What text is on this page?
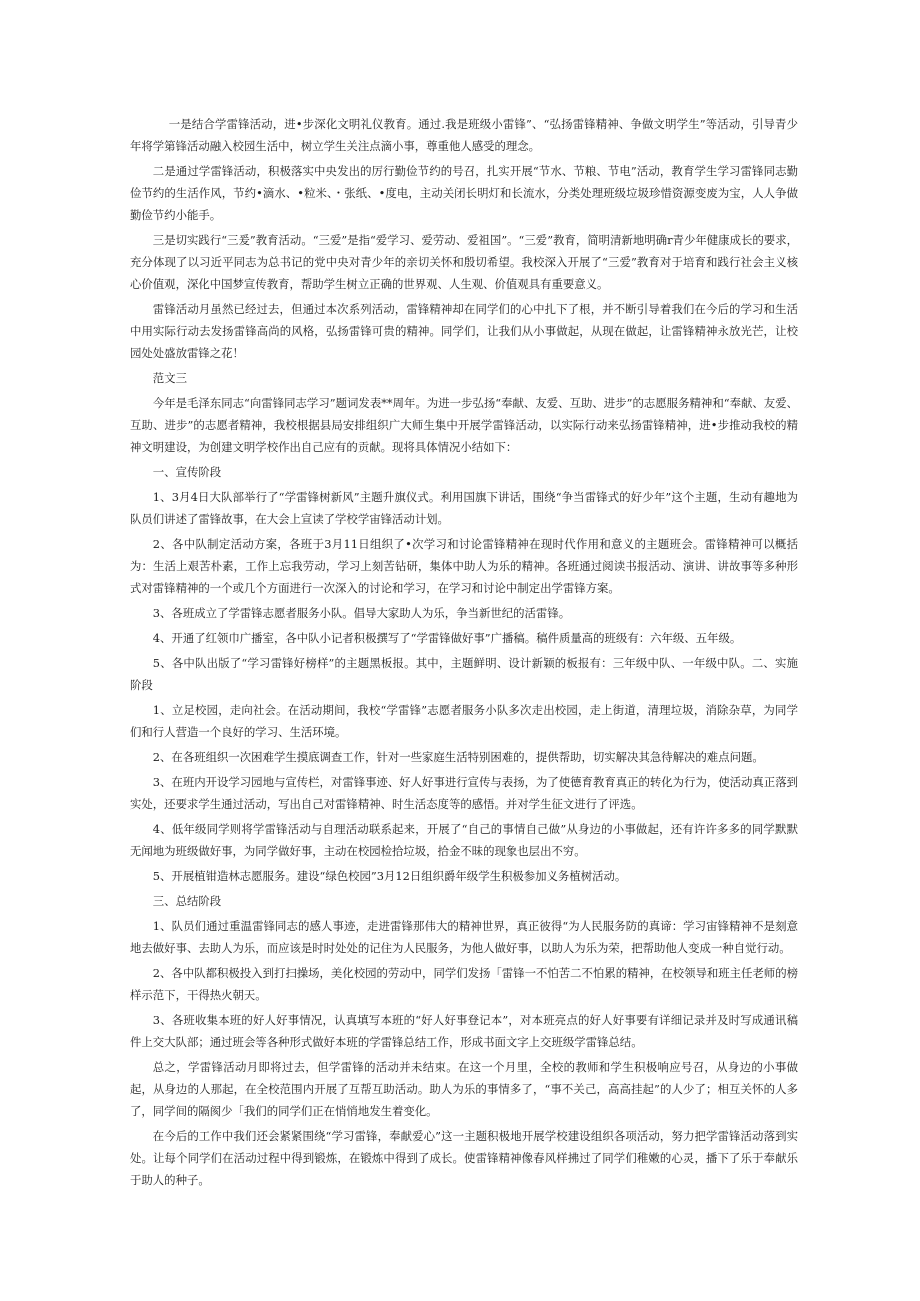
一是结合学雷锋活动，进•步深化文明礼仪教育。通过.我是班级小雷锋”、“弘扬雷锋精神、争做文明学生”等活动，引导青少年将学第锋活动融入校园生活中，树立学生关注点滴小事，尊重他人感受的理念。

二是通过学雷锋活动，积极落实中央发出的厉行勤俭节约的号召，扎实开展“节水、节粮、节电”活动，教育学生学习雷锋同志勤俭节约的生活作风，节约•滴水、•粒米、・张纸、•度电，主动关闭长明灯和长流水，分类处理班级垃圾珍惜资源变废为宝，人人争做勤俭节约小能手。

三是切实践行“三爰”教育活动。“三爱”是指“爱学习、爱劳动、爱祖国”。“三爱”教育，简明清新地明确r青少年健康成长的要求，充分体现了以习近平同志为总书记的党中央对青少年的亲切关怀和殷切希望。我校深入开展了“三爱”教育对于培育和践行社会主义核心价值观，深化中国梦宣传教育，帮助学生树立正确的世界观、人生观、价值观具有重要意义。

雷锋活动月虽然已经过去，但通过本次系列活动，雷锋精神却在同学们的心中扎下了根，并不断引导着我们在今后的学习和生活中用实际行动去发扬雷锋高尚的风格，弘扬雷锋可贵的精神。同学们，让我们从小事做起，从现在做起，让雷锋精神永放光芒，让校园处处盛放雷锋之花！

范文三

今年是毛泽东同志“向雷锋同志学习”题词发表**周年。为进一步弘扬“奉献、友爱、互助、进步”的志愿服务精神和“奉献、友爱、互助、进步”的志愿者精神，我校根据县局安排组织广大师生集中开展学雷锋活动，以实际行动来弘扬雷锋精神，进•步推动我校的精神文明建设，为创建文明学校作出自己应有的贡献。现将具体情况小结如下：

一、宣传阶段

1、3月4日大队部举行了“学雷锋树新风”主题升旗仪式。利用国旗下讲话，围绕“争当雷锋式的好少年”这个主题，生动有趣地为队员们讲述了雷锋故事，在大会上宣读了学校学宙锋活动计划。

2、各中队制定活动方案，各班于3月11日组织了•次学习和讨论雷锋精神在现时代作用和意义的主题班会。雷锋精神可以概括为：生活上艰苦朴素，工作上忘我劳动，学习上刻苦钻研，集体中助人为乐的精神。各班通过阅读书报活动、演讲、讲故事等多种形式对雷锋精神的一个或几个方面进行一次深入的讨论和学习，在学习和讨论中制定出学雷锋方案。

3、各班成立了学雷锋志愿者服务小队。倡导大家助人为乐，争当新世纪的活雷锋。

4、开通了红领巾广播室，各中队小记者积极撰写了“学雷锋做好事”广播稿。稿件质量高的班级有：六年级、五年级。

5、各中队出版了“学习雷锋好榜样”的主题黑板报。其中，主题鲜明、设计新颖的板报有：三年级中队、一年级中队。二、实施阶段

1、立足校园，走向社会。在活动期间，我校“学雷锋”志愿者服务小队多次走出校园，走上街道，清理垃圾，消除杂草，为同学们和行人营造一个良好的学习、生活环境。

2、在各班组织一次困难学生摸底调查工作，针对一些家庭生活特别困难的，提供帮助，切实解决其急待解决的难点问题。

3、在班内开设学习园地与宣传栏，对雷锋事迹、好人好事进行宣传与表扬，为了使德育教育真正的转化为行为，使活动真正落到实处，还要求学生通过活动，写出自己对雷锋精神、时生活态度等的感悟。并对学生征文进行了评选。

4、低年级同学则将学雷锋活动与自理活动联系起来，开展了“自己的事情自己做”从身边的小事做起，还有许许多多的同学默默无闻地为班级做好事，为同学做好事，主动在校园检拾垃圾，拾金不昧的现象也层出不穷。

5、开展植钳造林志愿服务。建设“绿色校园”3月12日组织爵年级学生积极参加义务植树活动。

三、总结阶段

1、队员们通过重温雷锋同志的感人事迹，走进雷锋那伟大的精神世界，真正彼得“为人民服务防的真谛：学习宙锋精神不是刻意地去做好事、去助人为乐，而应该是时时处处的记住为人民服务，为他人做好事，以助人为乐为荣，把帮助他人变成一种自觉行动。

2、各中队都积极投入到打扫操场，美化校园的劳动中，同学们发扬「雷锋一不怕苦二不怕累的精神，在校领导和班主任老师的榜样示范下，干得热火朝天。

3、各班收集本班的好人好事情况，认真填写本班的“好人好事登记本”，对本班亮点的好人好事要有详细记录并及时写成通讯稿件上交大队部；通过班会等各种形式做好本班的学雷锋总结工作，形成书面文字上交班级学雷锋总结。

总之，学雷锋活动月即将过去，但学雷锋的活动并未结束。在这一个月里，全校的教师和学生积极响应号召，从身边的小事做起，从身边的人那起，在全校范围内开展了互帮互助活动。助人为乐的事情多了，“事不关己，高高挂起”的人少了；相互关怀的人多了，同学间的隔阂少「我们的同学们正在悄悄地发生着变化。

在今后的工作中我们还会紧紧围绕“学习雷锋，奉献爱心”这一主题积极地开展学校建设组织各项活动，努力把学雷锋活动落到实处。让每个同学们在活动过程中得到锻炼，在锻炼中得到了成长。使雷锋精神像春风样拂过了同学们稚嫩的心灵，播下了乐于奉献乐于助人的种子。
